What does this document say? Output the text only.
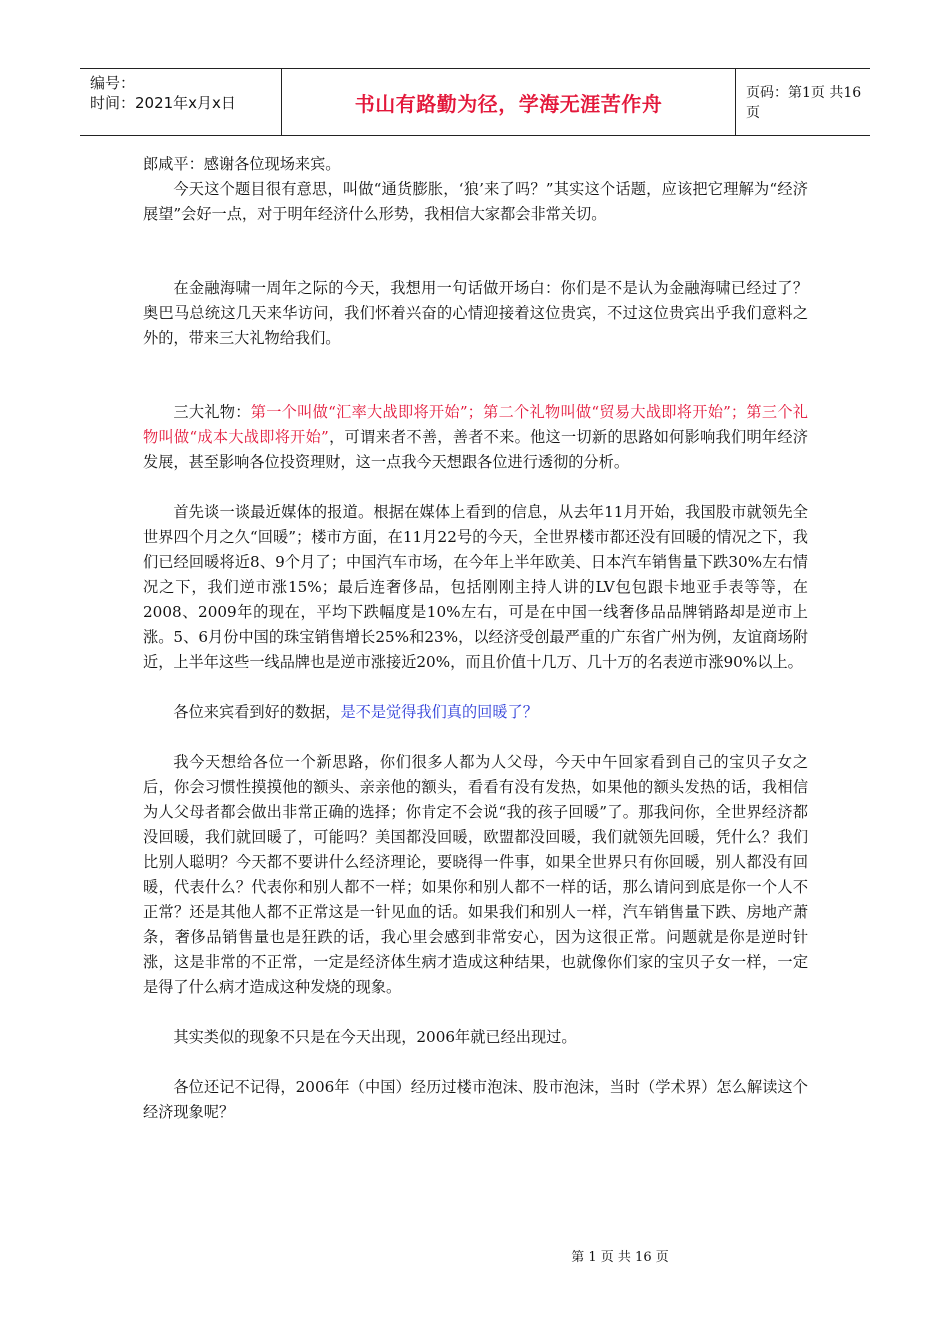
编号：
时间：2021年x月x日	书山有路勤为径，学海无涯苦作舟	页码：第1页 共16页

郎咸平：感谢各位现场来宾。

今天这个题目很有意思，叫做“通货膨胀，‘狼’来了吗？”其实这个话题，应该把它理解为“经济展望”会好一点，对于明年经济什么形势，我相信大家都会非常关切。

在金融海啸一周年之际的今天，我想用一句话做开场白：你们是不是认为金融海啸已经过了？奥巴马总统这几天来华访问，我们怀着兴奋的心情迎接着这位贵宾，不过这位贵宾出乎我们意料之外的，带来三大礼物给我们。

三大礼物：第一个叫做“汇率大战即将开始”；第二个礼物叫做“贸易大战即将开始”；第三个礼物叫做“成本大战即将开始”，可谓来者不善，善者不来。他这一切新的思路如何影响我们明年经济发展，甚至影响各位投资理财，这一点我今天想跟各位进行透彻的分析。

首先谈一谈最近媒体的报道。根据在媒体上看到的信息，从去年11月开始，我国股市就领先全世界四个月之久“回暖”；楼市方面，在11月22号的今天，全世界楼市都还没有回暖的情况之下，我们已经回暖将近8、9个月了；中国汽车市场，在今年上半年欧美、日本汽车销售量下跌30%左右情况之下，我们逆市涨15%；最后连奢侈品，包括刚刚主持人讲的LV包包跟卡地亚手表等等，在2008、2009年的现在，平均下跌幅度是10%左右，可是在中国一线奢侈品品牌销路却是逆市上涨。5、6月份中国的珠宝销售增长25%和23%，以经济受创最严重的广东省广州为例，友谊商场附近，上半年这些一线品牌也是逆市涨接近20%，而且价值十几万、几十万的名表逆市涨90%以上。

各位来宾看到好的数据，是不是觉得我们真的回暖了？

我今天想给各位一个新思路，你们很多人都为人父母，今天中午回家看到自己的宝贝子女之后，你会习惯性摸摸他的额头、亲亲他的额头，看看有没有发热，如果他的额头发热的话，我相信为人父母者都会做出非常正确的选择；你肯定不会说“我的孩子回暖”了。那我问你，全世界经济都没回暖，我们就回暖了，可能吗？美国都没回暖，欧盟都没回暖，我们就领先回暖，凭什么？我们比别人聪明？今天都不要讲什么经济理论，要晓得一件事，如果全世界只有你回暖，别人都没有回暖，代表什么？代表你和别人都不一样；如果你和别人都不一样的话，那么请问到底是你一个人不正常？还是其他人都不正常这是一针见血的话。如果我们和别人一样，汽车销售量下跌、房地产萧条，奢侈品销售量也是狂跌的话，我心里会感到非常安心，因为这很正常。问题就是你是逆时针涨，这是非常的不正常，一定是经济体生病才造成这种结果，也就像你们家的宝贝子女一样，一定是得了什么病才造成这种发烧的现象。

其实类似的现象不只是在今天出现，2006年就已经出现过。

各位还记不记得，2006年（中国）经历过楼市泡沫、股市泡沫，当时（学术界）怎么解读这个经济现象呢？

第 1 页 共 16 页
